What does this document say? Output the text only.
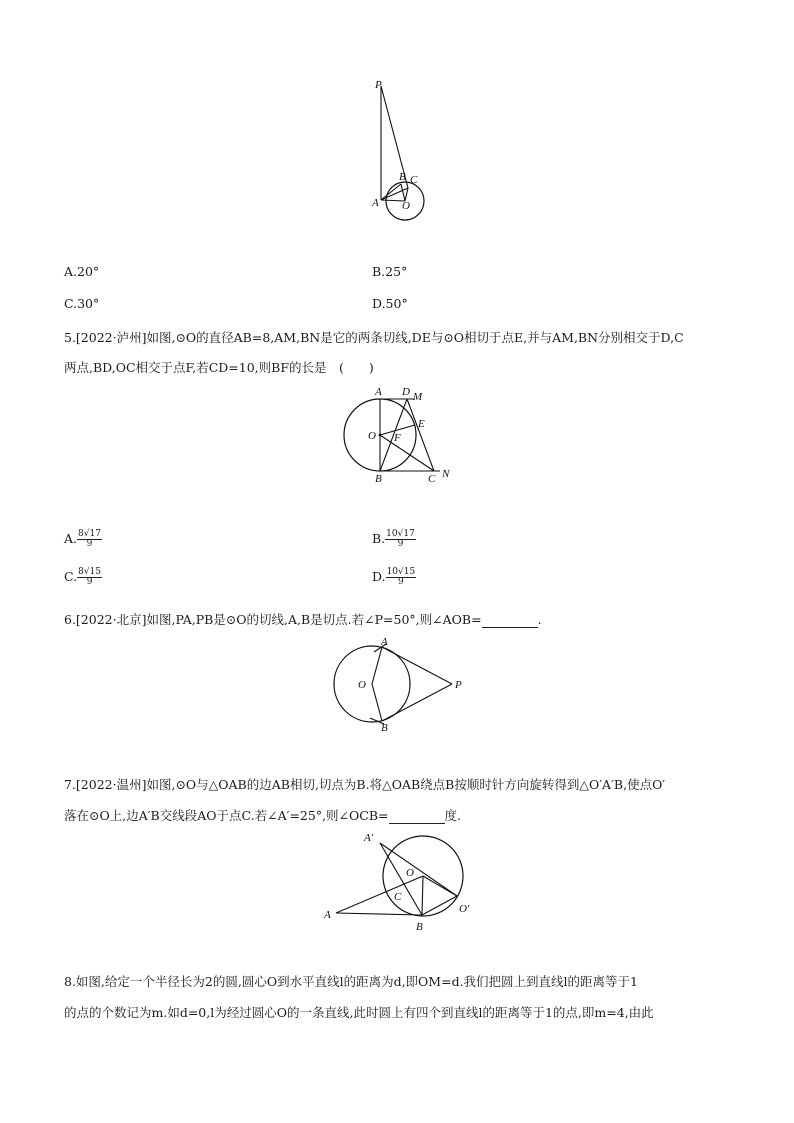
P
A
B C
O
A.20°	B.25°
C.30°	D.50°
5.[2022·泸州]如图,⊙O的直径AB=8,AM,BN是它的两条切线,DE与⊙O相切于点E,并与AM,BN分别相交于D,C
两点,BD,OC相交于点F,若CD=10,则BF的长是　(　　)
A D M
E
O F
B	C N
A. $\frac{8√17}{9}$	B. $\frac{10√17}{9}$
C. $\frac{8√15}{9}$	D. $\frac{10√15}{9}$
6.[2022·北京]如图,PA,PB是⊙O的切线,A,B是切点.若∠P=50°,则∠AOB=	.
A
O	P
B
7.[2022·温州]如图,⊙O与△OAB的边AB相切,切点为B.将△OAB绕点B按顺时针方向旋转得到△O′A′B,使点O′
落在⊙O上,边A′B交线段AO于点C.若∠A′=25°,则∠OCB=	度.
A′
O
C
O′
A
B
8.如图,给定一个半径长为2的圆,圆心O到水平直线l的距离为d,即OM=d.我们把圆上到直线l的距离等于1
的点的个数记为m.如d=0,l为经过圆心O的一条直线,此时圆上有四个到直线l的距离等于1的点,即m=4,由此
